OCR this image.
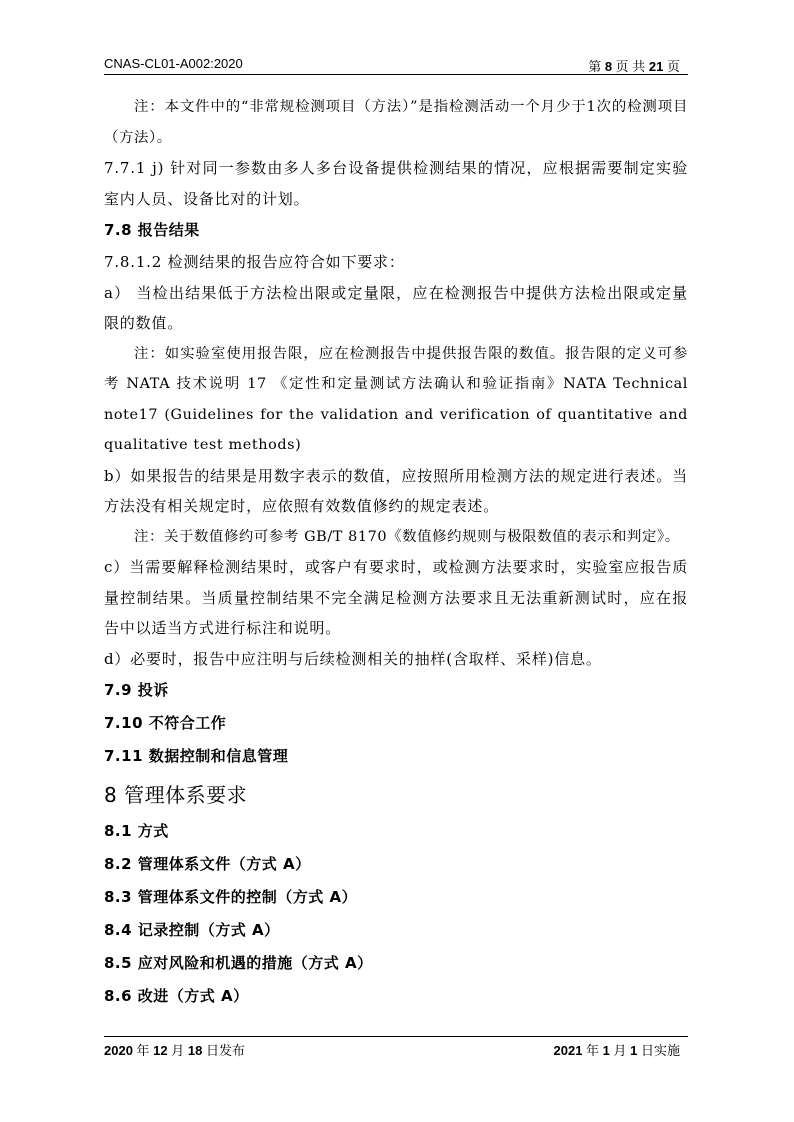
CNAS-CL01-A002:2020	第 8 页 共 21 页

注：本文件中的“非常规检测项目（方法）”是指检测活动一个月少于1次的检测项目（方法）。

7.7.1 j) 针对同一参数由多人多台设备提供检测结果的情况，应根据需要制定实验室内人员、设备比对的计划。

7.8 报告结果

7.8.1.2 检测结果的报告应符合如下要求：

a） 当检出结果低于方法检出限或定量限，应在检测报告中提供方法检出限或定量限的数值。

注：如实验室使用报告限，应在检测报告中提供报告限的数值。报告限的定义可参考 NATA 技术说明 17 《定性和定量测试方法确认和验证指南》NATA Technical note17 (Guidelines for the validation and verification of quantitative and qualitative test methods)

b）如果报告的结果是用数字表示的数值，应按照所用检测方法的规定进行表述。当方法没有相关规定时，应依照有效数值修约的规定表述。

注：关于数值修约可参考 GB/T 8170《数值修约规则与极限数值的表示和判定》。

c）当需要解释检测结果时，或客户有要求时，或检测方法要求时，实验室应报告质量控制结果。当质量控制结果不完全满足检测方法要求且无法重新测试时，应在报告中以适当方式进行标注和说明。

d）必要时，报告中应注明与后续检测相关的抽样(含取样、采样)信息。

7.9 投诉

7.10 不符合工作

7.11 数据控制和信息管理

8 管理体系要求

8.1 方式

8.2 管理体系文件（方式 A）

8.3 管理体系文件的控制（方式 A）

8.4 记录控制（方式 A）

8.5 应对风险和机遇的措施（方式 A）

8.6 改进（方式 A）

2020 年 12 月 18 日发布	2021 年 1 月 1 日实施
